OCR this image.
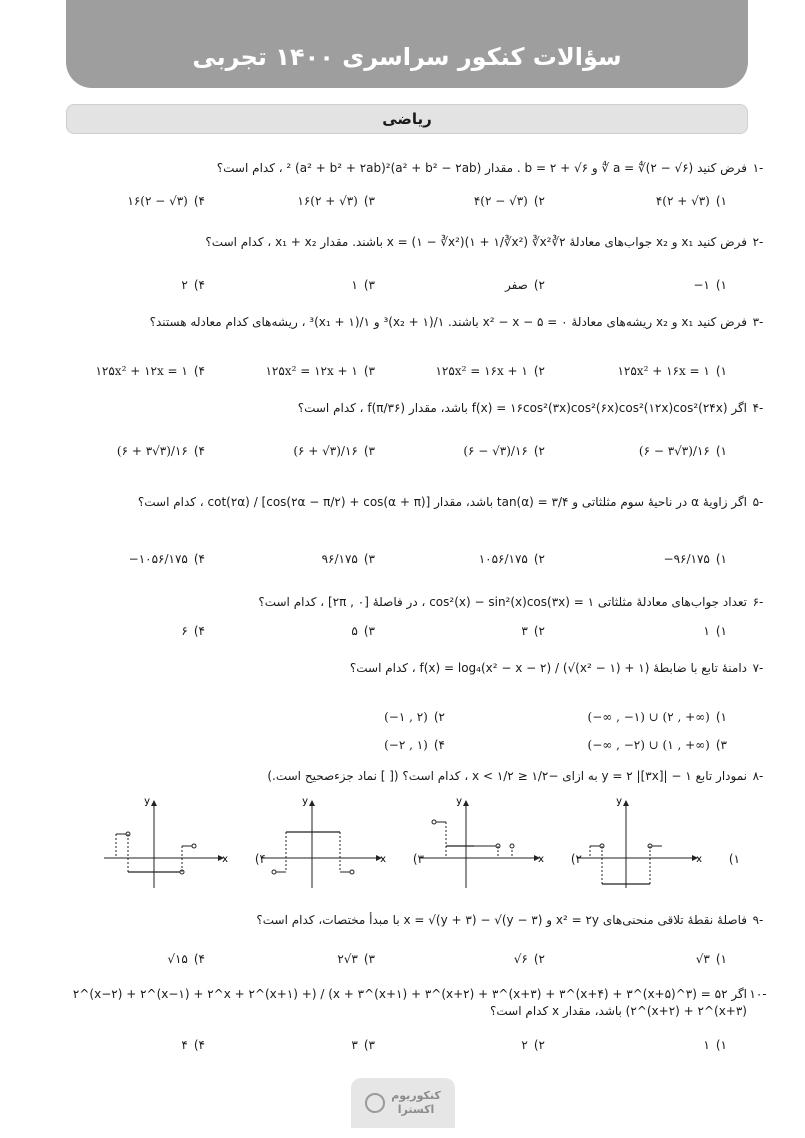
سؤالات کنکور سراسری ۱۴۰۰ تجربی
ریاضی
-۱
فرض کنید a = ∜(۲ − √۶) ∜ و b = ۲ + √۶ . مقدار (a² + b² − ۲ab)² (a² + b² + ۲ab)² ، کدام است؟
۱)۴(۲ + √۳)
۲)۴(۲ − √۳)
۳)۱۶(۲ + √۳)
۴)۱۶(۲ − √۳)
-۲
فرض کنید x₁ و x₂ جواب‌های معادلهٔ ۲∛x = (۱ − ∛x²)(۱ + ۱/∛x²) ∛x² باشند. مقدار x₁ + x₂ ، کدام است؟
۱)−۱
۲)صفر
۳)۱
۴)۲
-۳
فرض کنید x₁ و x₂ ریشه‌های معادلهٔ x² − x − ۵ = ۰ باشند. ۱/(x₂ + ۱)³ و ۱/(x₁ + ۱)³ ، ریشه‌های کدام معادله هستند؟
۱)۱۲۵x² + ۱۶x = ۱
۲)۱۲۵x² = ۱۶x + ۱
۳)۱۲۵x² = ۱۲x + ۱
۴)۱۲۵x² + ۱۲x = ۱
-۴
اگر f(x) = ۱۶cos²(۳x)cos²(۶x)cos²(۱۲x)cos²(۲۴x) باشد، مقدار f(π/۳۶) ، کدام است؟
۱)(۶ − ۳√۳)/۱۶
۲)(۶ − √۳)/۱۶
۳)(۶ + √۳)/۱۶
۴)(۶ + ۳√۳)/۱۶
-۵
اگر زاویهٔ α در ناحیهٔ سوم مثلثاتی و tan(α) = ۳/۴ باشد، مقدار [cos(۲α − π/۲) + cos(α + π)] / cot(۲α) ، کدام است؟
۱)−۹۶/۱۷۵
۲)۱۰۵۶/۱۷۵
۳)۹۶/۱۷۵
۴)−۱۰۵۶/۱۷۵
-۶
تعداد جواب‌های معادلهٔ مثلثاتی cos²(x) − sin²(x)cos(۳x) = ۱ ، در فاصلهٔ [۰ , ۲π] ، کدام است؟
۱)۱
۲)۳
۳)۵
۴)۶
-۷
دامنهٔ تابع با ضابطهٔ f(x) = log₄(x² − x − ۲) / (√(x² − ۱) + ۱) ، کدام است؟
۱)(−∞ , −۱) ∪ (۲ , +∞)
۲)(−۱ , ۲)
۳)(−∞ , −۲) ∪ (۱ , +∞)
۴)(−۲ , ۱)
-۸
نمودار تابع y = ۲ |[۳x]| − ۱ به ازای −۱/۲ ≤ x < ۱/۲ ، کدام است؟ ([ ] نماد جزءصحیح است.)
x
y
۱)
x
y
۲)
x
y
۳)
x
y
۴)
-۹
فاصلهٔ نقطهٔ تلاقی منحنی‌های x² = ۲y و x = √(y + ۳) − √(y − ۳) با مبدأ مختصات، کدام است؟
۱)√۳
۲)√۶
۳)۲√۳
۴)√۱۵
-۱۰
اگر ۵۲ = (۳^x + ۳^(x+۱) + ۳^(x+۲) + ۳^(x+۳) + ۳^(x+۴) + ۳^(x+۵)) / (۲^(x−۲) + ۲^(x−۱) + ۲^x + ۲^(x+۱) + ۲^(x+۲) + ۲^(x+۳)) باشد، مقدار x کدام است؟
۱)۱
۲)۲
۳)۳
۴)۴
کنکوریوم
اکسترا
